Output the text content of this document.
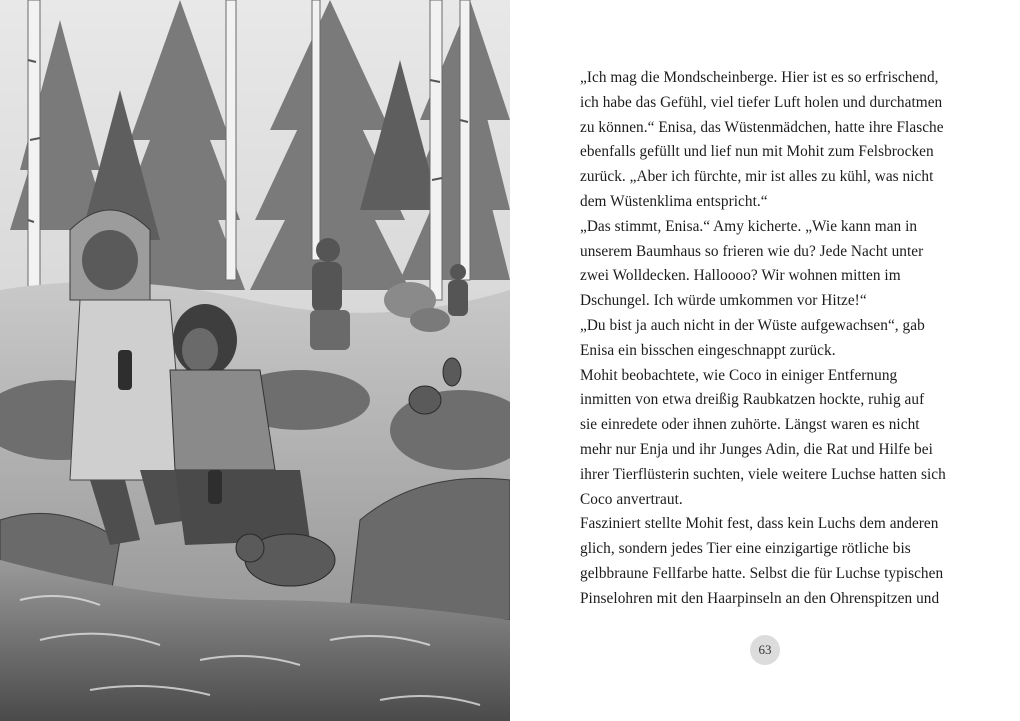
„Ich mag die Mondscheinberge. Hier ist es so erfrischend,
ich habe das Gefühl, viel tiefer Luft holen und durchatmen
zu können.“ Enisa, das Wüstenmädchen, hatte ihre Flasche
ebenfalls gefüllt und lief nun mit Mohit zum Felsbrocken
zurück. „Aber ich fürchte, mir ist alles zu kühl, was nicht
dem Wüstenklima entspricht.“
„Das stimmt, Enisa.“ Amy kicherte. „Wie kann man in
unserem Baumhaus so frieren wie du? Jede Nacht unter
zwei Wolldecken. Halloooo? Wir wohnen mitten im
Dschungel. Ich würde umkommen vor Hitze!“
„Du bist ja auch nicht in der Wüste aufgewachsen“, gab
Enisa ein bisschen eingeschnappt zurück.
Mohit beobachtete, wie Coco in einiger Entfernung
inmitten von etwa dreißig Raubkatzen hockte, ruhig auf
sie einredete oder ihnen zuhörte. Längst waren es nicht
mehr nur Enja und ihr Junges Adin, die Rat und Hilfe bei
ihrer Tierflüsterin suchten, viele weitere Luchse hatten sich
Coco anvertraut.
Fasziniert stellte Mohit fest, dass kein Luchs dem anderen
glich, sondern jedes Tier eine einzigartige rötliche bis
gelbbraune Fellfarbe hatte. Selbst die für Luchse typischen
Pinselohren mit den Haarpinseln an den Ohrenspitzen und
63
